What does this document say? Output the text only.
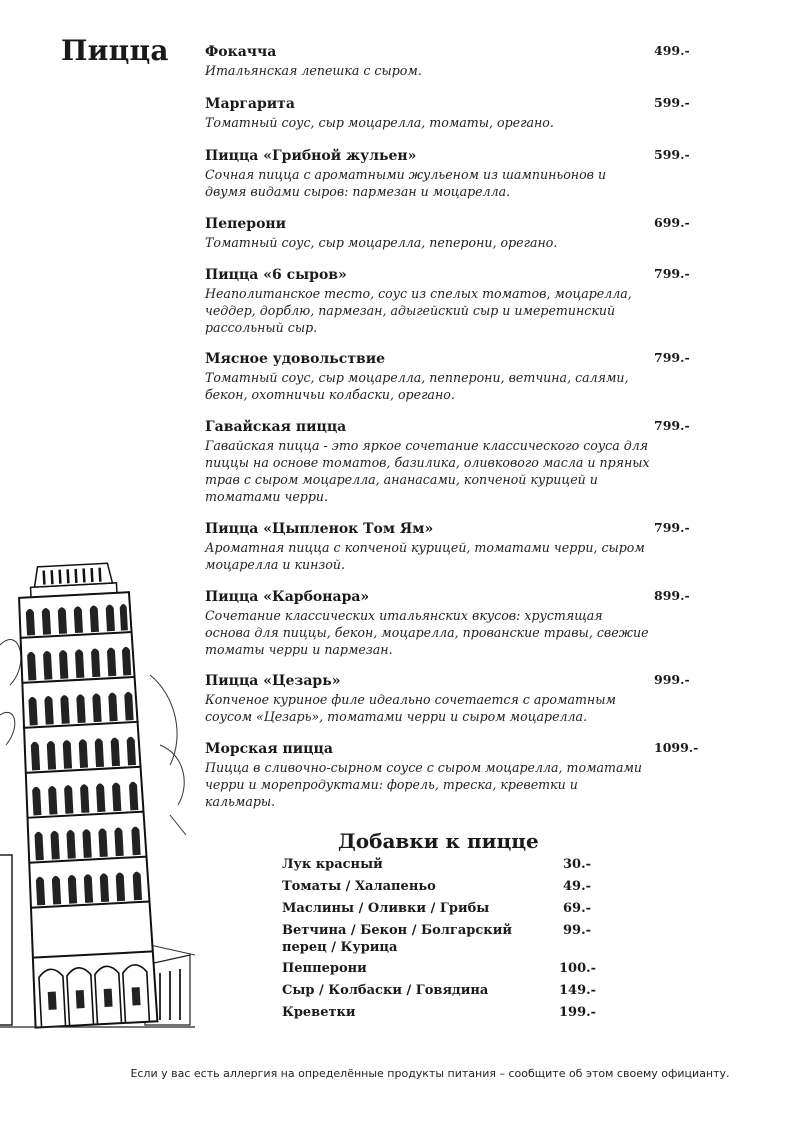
Пицца	Фокачча
Итальянская лепешка с сыром.
499.-
Маргарита
Томатный соус, сыр моцарелла, томаты, орегано.
599.-
Пицца «Грибной жульен»
Сочная пицца с ароматными жульеном из шампиньонов и двумя видами сыров: пармезан и моцарелла.
599.-
Пеперони
Томатный соус, сыр моцарелла, пеперони, орегано.
699.-
Пицца «6 сыров»
Неаполитанское тесто, соус из спелых томатов, моцарелла, чеддер, дорблю, пармезан, адыгейский сыр и имеретинский рассольный сыр.
799.-
Мясное удовольствие
Томатный соус, сыр моцарелла, пепперони, ветчина, салями, бекон, охотничьи колбаски, орегано.
799.-
Гавайская пицца
Гавайская пицца - это яркое сочетание классического соуса для пиццы на основе томатов, базилика, оливкового масла и пряных трав с сыром моцарелла, ананасами, копченой курицей и томатами черри.
799.-
Пицца «Цыпленок Том Ям»
Ароматная пицца с копченой курицей, томатами черри, сыром моцарелла и кинзой.
799.-
Пицца «Карбонара»
Сочетание классических итальянских вкусов: хрустящая основа для пиццы, бекон, моцарелла, прованские травы, свежие томаты черри и пармезан.
899.-
Пицца «Цезарь»
Копченое куриное филе идеально сочетается с ароматным соусом «Цезарь», томатами черри и сыром моцарелла.
999.-
Морская пицца
Пицца в сливочно-сырном соусе с сыром моцарелла, томатами черри и морепродуктами: форель, треска, креветки и кальмары.
1099.-
Добавки к пицце
Лук красный	30.-
Томаты / Халапеньо	49.-
Маслины / Оливки / Грибы	69.-
Ветчина / Бекон / Болгарский перец / Курица
99.-
Пепперони	100.-
Сыр / Колбаски / Говядина	149.-
Креветки	199.-
Если у вас есть аллергия на определённые продукты питания – сообщите об этом своему официанту.
